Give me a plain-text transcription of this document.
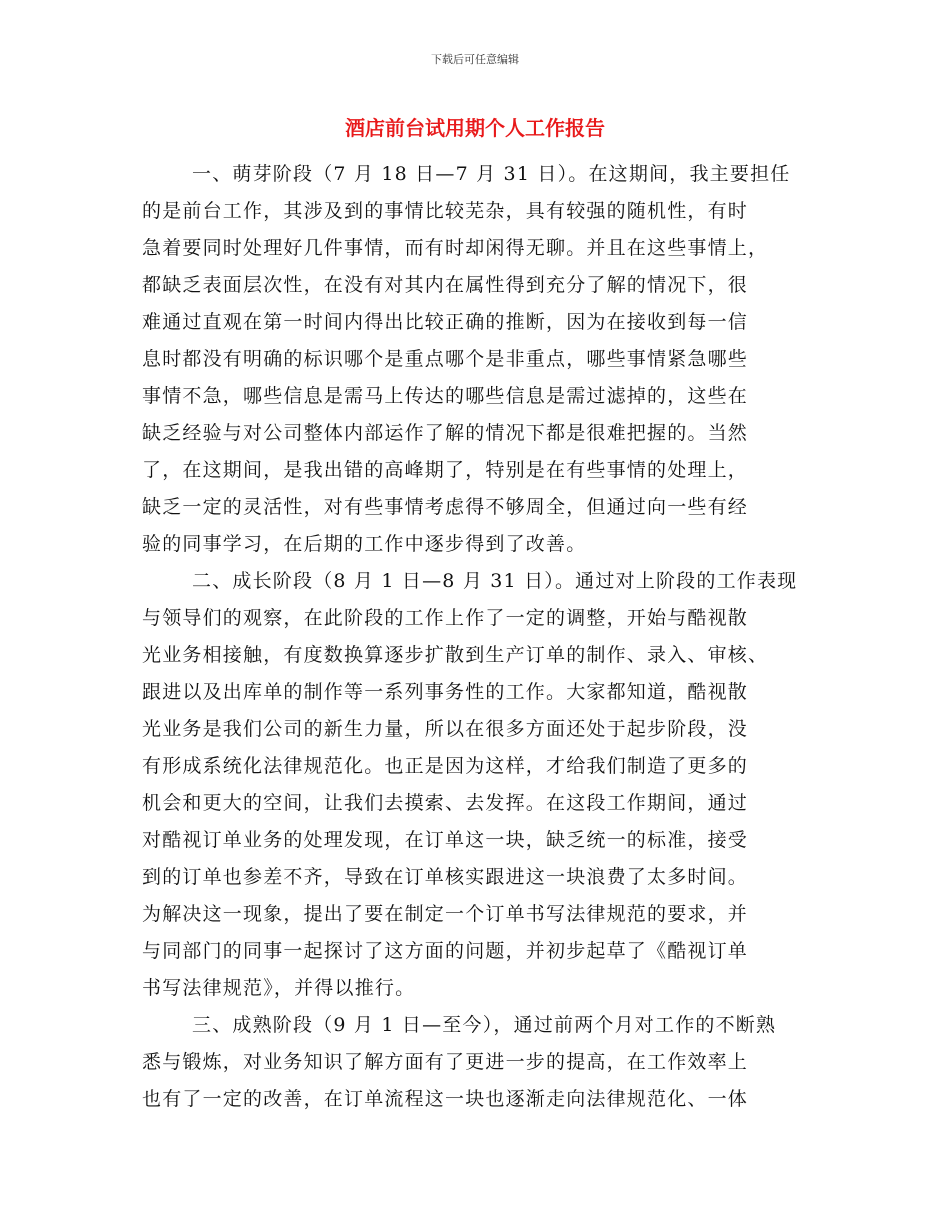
下载后可任意编辑
酒店前台试用期个人工作报告
一、萌芽阶段（7 月 18 日—7 月 31 日）。在这期间，我主要担任
的是前台工作，其涉及到的事情比较芜杂，具有较强的随机性，有时
急着要同时处理好几件事情，而有时却闲得无聊。并且在这些事情上，
都缺乏表面层次性，在没有对其内在属性得到充分了解的情况下，很
难通过直观在第一时间内得出比较正确的推断，因为在接收到每一信
息时都没有明确的标识哪个是重点哪个是非重点，哪些事情紧急哪些
事情不急，哪些信息是需马上传达的哪些信息是需过滤掉的，这些在
缺乏经验与对公司整体内部运作了解的情况下都是很难把握的。当然
了，在这期间，是我出错的高峰期了，特别是在有些事情的处理上，
缺乏一定的灵活性，对有些事情考虑得不够周全，但通过向一些有经
验的同事学习，在后期的工作中逐步得到了改善。
二、成长阶段（8 月 1 日—8 月 31 日）。通过对上阶段的工作表现
与领导们的观察，在此阶段的工作上作了一定的调整，开始与酷视散
光业务相接触，有度数换算逐步扩散到生产订单的制作、录入、审核、
跟进以及出库单的制作等一系列事务性的工作。大家都知道，酷视散
光业务是我们公司的新生力量，所以在很多方面还处于起步阶段，没
有形成系统化法律规范化。也正是因为这样，才给我们制造了更多的
机会和更大的空间，让我们去摸索、去发挥。在这段工作期间，通过
对酷视订单业务的处理发现，在订单这一块，缺乏统一的标准，接受
到的订单也参差不齐，导致在订单核实跟进这一块浪费了太多时间。
为解决这一现象，提出了要在制定一个订单书写法律规范的要求，并
与同部门的同事一起探讨了这方面的问题，并初步起草了《酷视订单
书写法律规范》，并得以推行。
三、成熟阶段（9 月 1 日—至今），通过前两个月对工作的不断熟
悉与锻炼，对业务知识了解方面有了更进一步的提高，在工作效率上
也有了一定的改善，在订单流程这一块也逐渐走向法律规范化、一体
